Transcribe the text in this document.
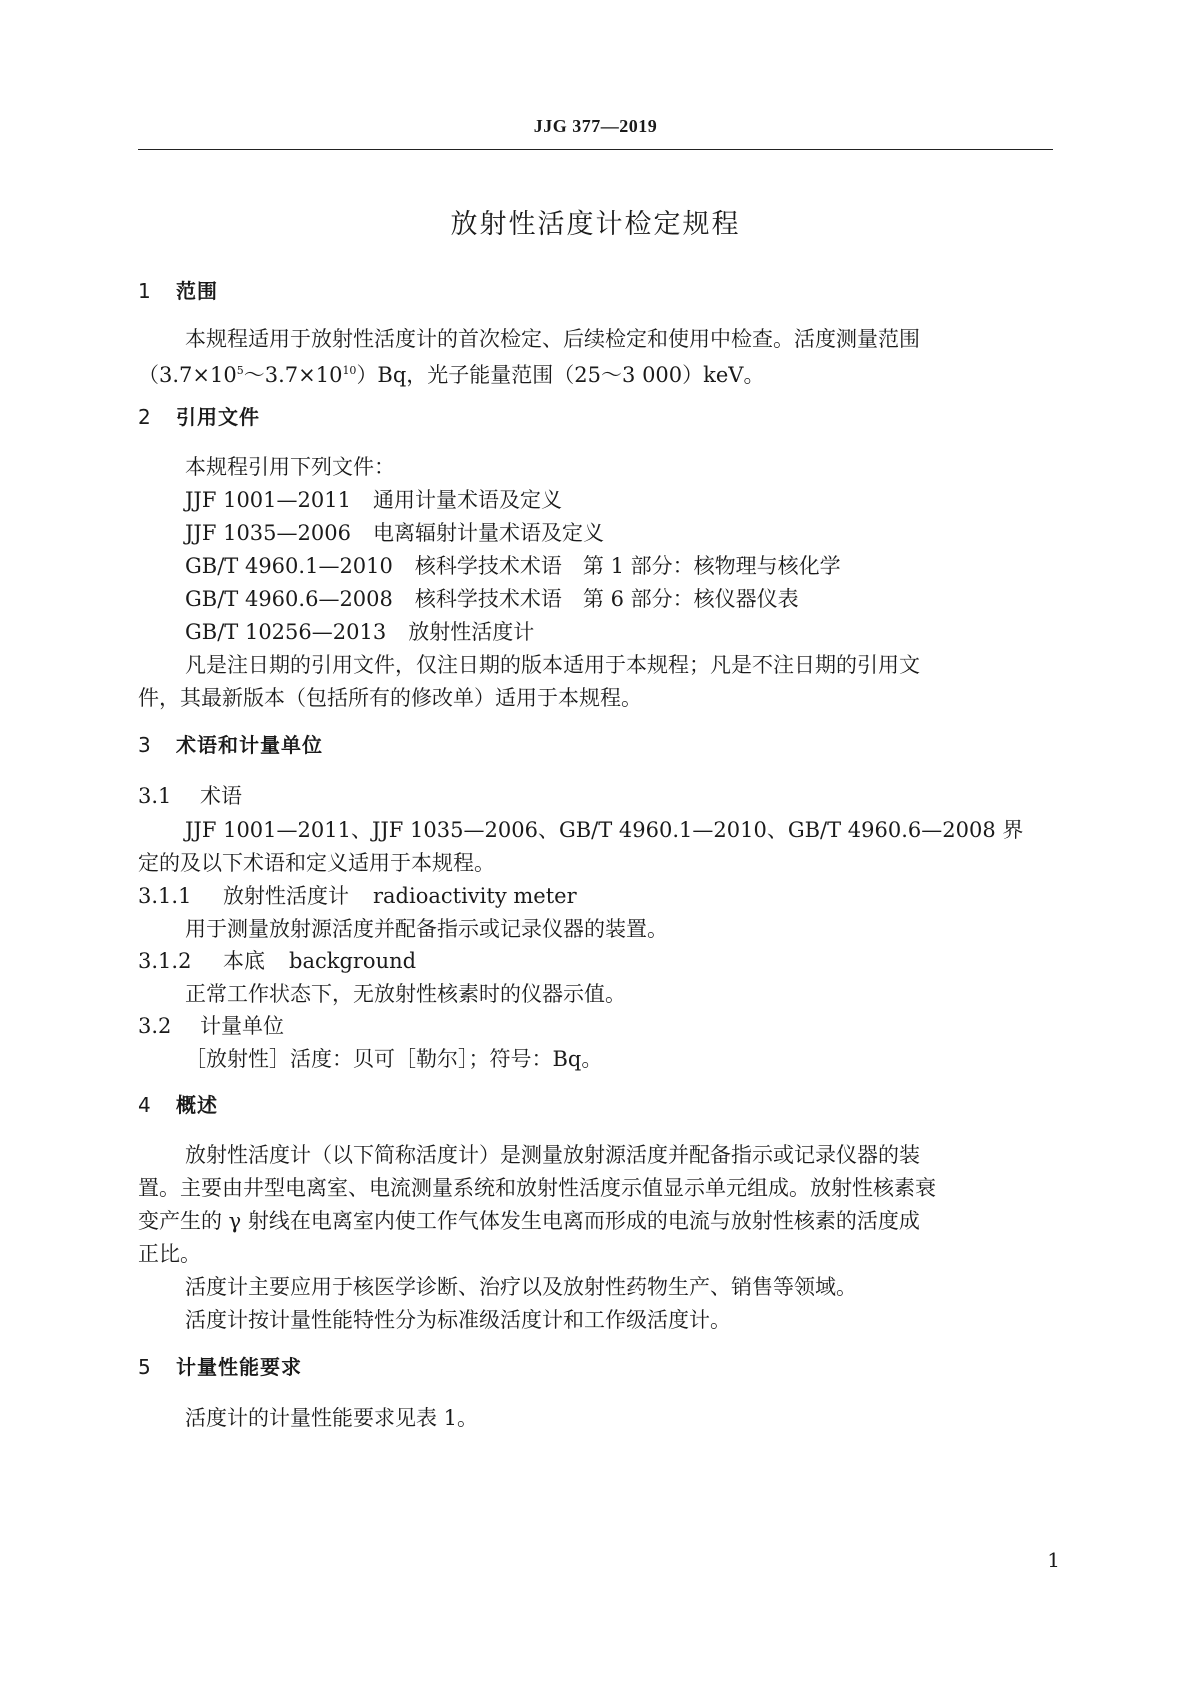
JJG 377—2019
放射性活度计检定规程
1 范围
本规程适用于放射性活度计的首次检定、后续检定和使用中检查。活度测量范围
$(3.7\times 10^5\sim 3.7\times 10^{10})Bq$，光子能量范围（25～3 000）keV。
2 引用文件
本规程引用下列文件：
JJF 1001—2011 通用计量术语及定义
JJF 1035—2006 电离辐射计量术语及定义
GB/T 4960.1—2010 核科学技术术语　第 1 部分：核物理与核化学
GB/T 4960.6—2008 核科学技术术语　第 6 部分：核仪器仪表
GB/T 10256—2013 放射性活度计
凡是注日期的引用文件，仅注日期的版本适用于本规程；凡是不注日期的引用文
件，其最新版本（包括所有的修改单）适用于本规程。
3 术语和计量单位
3.1 术语
JJF 1001—2011、JJF 1035—2006、GB/T 4960.1—2010、GB/T 4960.6—2008 界
定的及以下术语和定义适用于本规程。
3.1.1 放射性活度计 radioactivity meter
用于测量放射源活度并配备指示或记录仪器的装置。
3.1.2 本底 background
正常工作状态下，无放射性核素时的仪器示值。
3.2 计量单位
［放射性］活度：贝可［勒尔］；符号：Bq。
4 概述
放射性活度计（以下简称活度计）是测量放射源活度并配备指示或记录仪器的装
置。主要由井型电离室、电流测量系统和放射性活度示值显示单元组成。放射性核素衰
变产生的 γ 射线在电离室内使工作气体发生电离而形成的电流与放射性核素的活度成
正比。
活度计主要应用于核医学诊断、治疗以及放射性药物生产、销售等领域。
活度计按计量性能特性分为标准级活度计和工作级活度计。
5 计量性能要求
活度计的计量性能要求见表 1。
1
